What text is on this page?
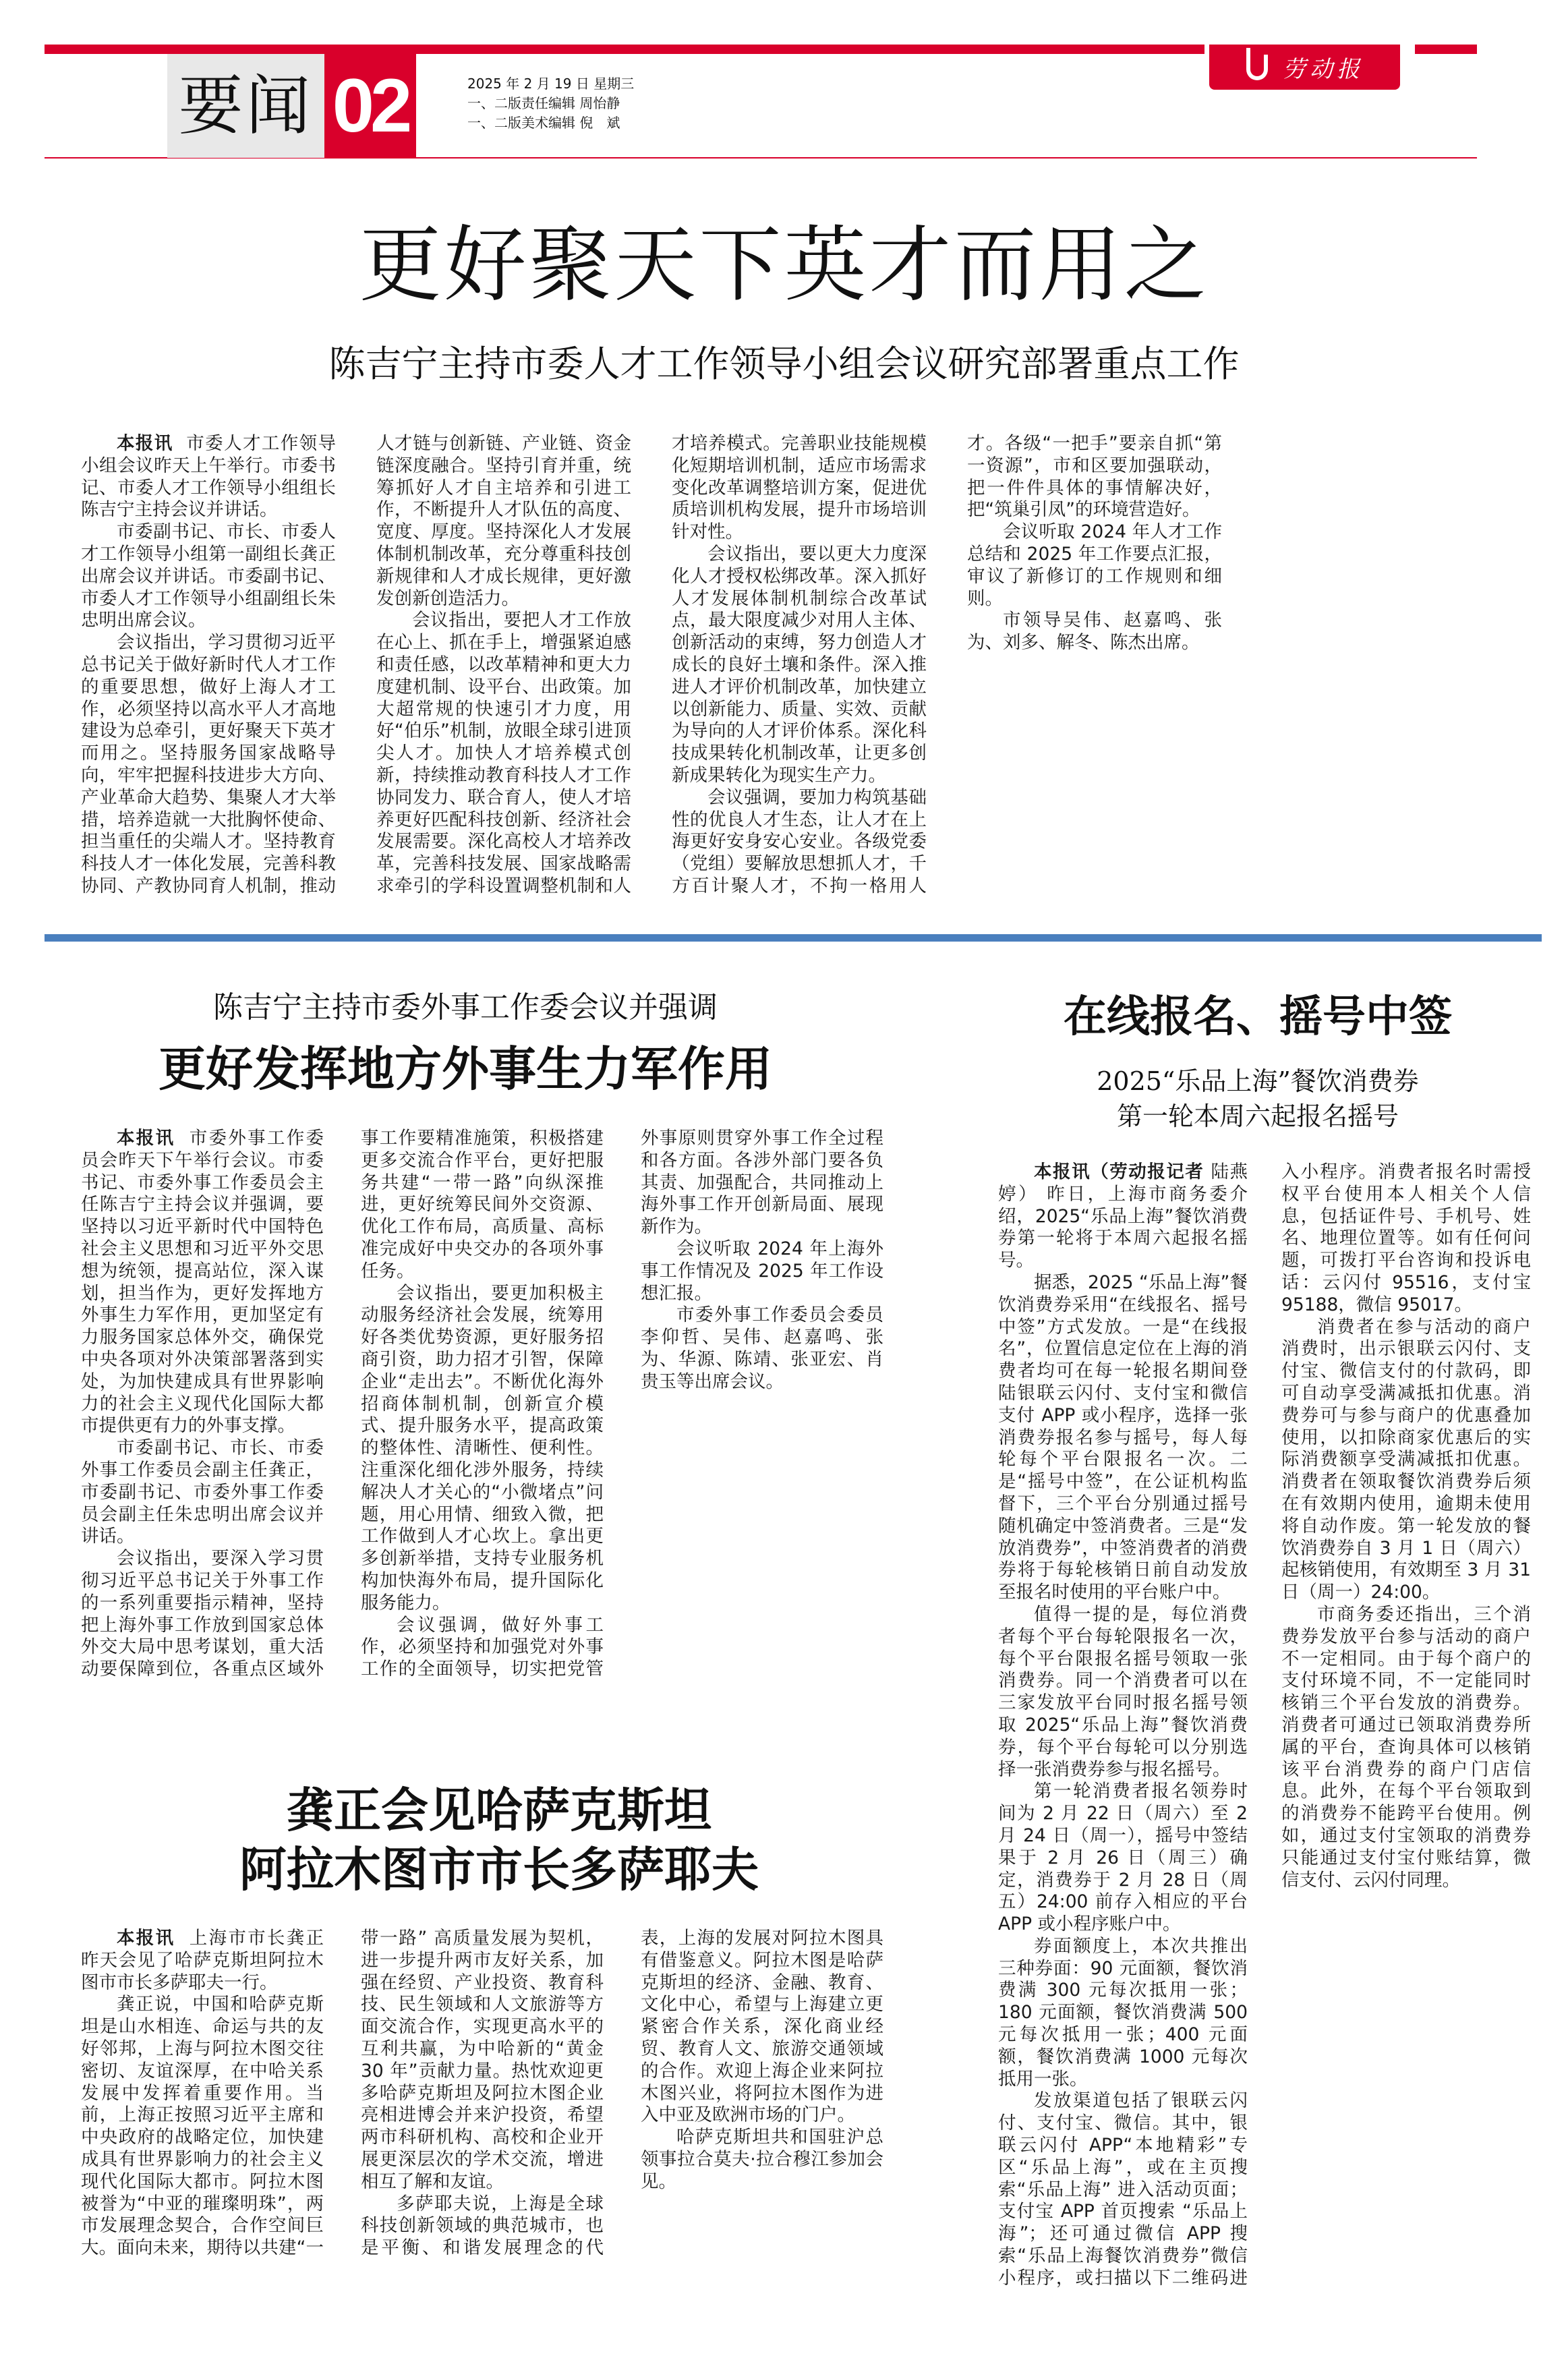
要闻 02	2025 年 2 月 19 日 星期三
一、二版责任编辑 周怡静
一、二版美术编辑 倪　斌
劳动报
更好聚天下英才而用之
陈吉宁主持市委人才工作领导小组会议研究部署重点工作

本报讯 市委人才工作领导小组会议昨天上午举行。市委书记、市委人才工作领导小组组长陈吉宁主持会议并讲话。

市委副书记、市长、市委人才工作领导小组第一副组长龚正出席会议并讲话。市委副书记、市委人才工作领导小组副组长朱忠明出席会议。

会议指出，学习贯彻习近平总书记关于做好新时代人才工作的重要思想，做好上海人才工作，必须坚持以高水平人才高地建设为总牵引，更好聚天下英才而用之。坚持服务国家战略导向，牢牢把握科技进步大方向、产业革命大趋势、集聚人才大举措，培养造就一大批胸怀使命、担当重任的尖端人才。坚持教育科技人才一体化发展，完善科教协同、产教协同育人机制，推动人才链与创新链、产业链、资金链深度融合。坚持引育并重，统筹抓好人才自主培养和引进工作，不断提升人才队伍的高度、宽度、厚度。坚持深化人才发展体制机制改革，充分尊重科技创新规律和人才成长规律，更好激发创新创造活力。

会议指出，要把人才工作放在心上、抓在手上，增强紧迫感和责任感，以改革精神和更大力度建机制、设平台、出政策。加大超常规的快速引才力度，用好“伯乐”机制，放眼全球引进顶尖人才。加快人才培养模式创新，持续推动教育科技人才工作协同发力、联合育人，使人才培养更好匹配科技创新、经济社会发展需要。深化高校人才培养改革，完善科技发展、国家战略需求牵引的学科设置调整机制和人才培养模式。完善职业技能规模化短期培训机制，适应市场需求变化改革调整培训方案，促进优质培训机构发展，提升市场培训针对性。

会议指出，要以更大力度深化人才授权松绑改革。深入抓好人才发展体制机制综合改革试点，最大限度减少对用人主体、创新活动的束缚，努力创造人才成长的良好土壤和条件。深入推进人才评价机制改革，加快建立以创新能力、质量、实效、贡献为导向的人才评价体系。深化科技成果转化机制改革，让更多创新成果转化为现实生产力。

会议强调，要加力构筑基础性的优良人才生态，让人才在上海更好安身安心安业。各级党委（党组）要解放思想抓人才，千方百计聚人才，不拘一格用人才。各级“一把手”要亲自抓“第一资源”，市和区要加强联动，把一件件具体的事情解决好，把“筑巢引凤”的环境营造好。

会议听取 2024 年人才工作总结和 2025 年工作要点汇报，审议了新修订的工作规则和细则。

市领导吴伟、赵嘉鸣、张为、刘多、解冬、陈杰出席。

陈吉宁主持市委外事工作委会议并强调
更好发挥地方外事生力军作用

本报讯 市委外事工作委员会昨天下午举行会议。市委书记、市委外事工作委员会主任陈吉宁主持会议并强调，要坚持以习近平新时代中国特色社会主义思想和习近平外交思想为统领，提高站位，深入谋划，担当作为，更好发挥地方外事生力军作用，更加坚定有力服务国家总体外交，确保党中央各项对外决策部署落到实处，为加快建成具有世界影响力的社会主义现代化国际大都市提供更有力的外事支撑。

市委副书记、市长、市委外事工作委员会副主任龚正，市委副书记、市委外事工作委员会副主任朱忠明出席会议并讲话。

会议指出，要深入学习贯彻习近平总书记关于外事工作的一系列重要指示精神，坚持把上海外事工作放到国家总体外交大局中思考谋划，重大活动要保障到位，各重点区域外事工作要精准施策，积极搭建更多交流合作平台，更好把服务共建“一带一路”向纵深推进，更好统筹民间外交资源、优化工作布局，高质量、高标准完成好中央交办的各项外事任务。

会议指出，要更加积极主动服务经济社会发展，统筹用好各类优势资源，更好服务招商引资，助力招才引智，保障企业“走出去”。不断优化海外招商体制机制，创新宣介模式、提升服务水平，提高政策的整体性、清晰性、便利性。注重深化细化涉外服务，持续解决人才关心的“小微堵点”问题，用心用情、细致入微，把工作做到人才心坎上。拿出更多创新举措，支持专业服务机构加快海外布局，提升国际化服务能力。

会议强调，做好外事工作，必须坚持和加强党对外事工作的全面领导，切实把党管外事原则贯穿外事工作全过程和各方面。各涉外部门要各负其责、加强配合，共同推动上海外事工作开创新局面、展现新作为。

会议听取 2024 年上海外事工作情况及 2025 年工作设想汇报。

市委外事工作委员会委员李仰哲、吴伟、赵嘉鸣、张为、华源、陈靖、张亚宏、肖贵玉等出席会议。

龚正会见哈萨克斯坦
阿拉木图市市长多萨耶夫

本报讯 上海市市长龚正昨天会见了哈萨克斯坦阿拉木图市市长多萨耶夫一行。

龚正说，中国和哈萨克斯坦是山水相连、命运与共的友好邻邦，上海与阿拉木图交往密切、友谊深厚，在中哈关系发展中发挥着重要作用。当前，上海正按照习近平主席和中央政府的战略定位，加快建成具有世界影响力的社会主义现代化国际大都市。阿拉木图被誉为“中亚的璀璨明珠”，两市发展理念契合，合作空间巨大。面向未来，期待以共建“一带一路” 高质量发展为契机，进一步提升两市友好关系，加强在经贸、产业投资、教育科技、民生领域和人文旅游等方面交流合作，实现更高水平的互利共赢，为中哈新的“黄金 30 年”贡献力量。热忱欢迎更多哈萨克斯坦及阿拉木图企业亮相进博会并来沪投资，希望两市科研机构、高校和企业开展更深层次的学术交流，增进相互了解和友谊。

多萨耶夫说，上海是全球科技创新领域的典范城市，也是平衡、和谐发展理念的代表，上海的发展对阿拉木图具有借鉴意义。阿拉木图是哈萨克斯坦的经济、金融、教育、文化中心，希望与上海建立更紧密合作关系，深化商业经贸、教育人文、旅游交通领域的合作。欢迎上海企业来阿拉木图兴业，将阿拉木图作为进入中亚及欧洲市场的门户。

哈萨克斯坦共和国驻沪总领事拉合莫夫·拉合穆江参加会见。

在线报名、摇号中签
2025“乐品上海”餐饮消费券
第一轮本周六起报名摇号

本报讯（劳动报记者 陆燕婷） 昨日，上海市商务委介绍，2025“乐品上海”餐饮消费券第一轮将于本周六起报名摇号。

据悉，2025 “乐品上海”餐饮消费券采用“在线报名、摇号中签”方式发放。一是“在线报名”，位置信息定位在上海的消费者均可在每一轮报名期间登陆银联云闪付、支付宝和微信支付 APP 或小程序，选择一张消费券报名参与摇号，每人每轮每个平台限报名一次。二是“摇号中签”，在公证机构监督下，三个平台分别通过摇号随机确定中签消费者。三是“发放消费券”，中签消费者的消费券将于每轮核销日前自动发放至报名时使用的平台账户中。

值得一提的是，每位消费者每个平台每轮限报名一次，每个平台限报名摇号领取一张消费券。同一个消费者可以在三家发放平台同时报名摇号领取 2025“乐品上海”餐饮消费券，每个平台每轮可以分别选择一张消费券参与报名摇号。

第一轮消费者报名领券时间为 2 月 22 日（周六）至 2 月 24 日（周一），摇号中签结果于 2 月 26 日（周三）确定，消费券于 2 月 28 日（周五）24:00 前存入相应的平台 APP 或小程序账户中。

券面额度上，本次共推出三种券面：90 元面额，餐饮消费满 300 元每次抵用一张；180 元面额，餐饮消费满 500 元每次抵用一张；400 元面额，餐饮消费满 1000 元每次抵用一张。

发放渠道包括了银联云闪付、支付宝、微信。其中，银联云闪付 APP“本地精彩”专区“乐品上海”，或在主页搜索“乐品上海” 进入活动页面；支付宝 APP 首页搜索 “乐品上海”；还可通过微信 APP 搜索“乐品上海餐饮消费券”微信小程序，或扫描以下二维码进入小程序。消费者报名时需授权平台使用本人相关个人信息，包括证件号、手机号、姓名、地理位置等。如有任何问题，可拨打平台咨询和投诉电话：云闪付 95516，支付宝 95188，微信 95017。

消费者在参与活动的商户消费时，出示银联云闪付、支付宝、微信支付的付款码，即可自动享受满减抵扣优惠。消费券可与参与商户的优惠叠加使用，以扣除商家优惠后的实际消费额享受满减抵扣优惠。消费者在领取餐饮消费券后须在有效期内使用，逾期未使用将自动作废。第一轮发放的餐饮消费券自 3 月 1 日（周六）起核销使用，有效期至 3 月 31 日（周一）24:00。

市商务委还指出，三个消费券发放平台参与活动的商户不一定相同。由于每个商户的支付环境不同，不一定能同时核销三个平台发放的消费券。消费者可通过已领取消费券所属的平台，查询具体可以核销该平台消费券的商户门店信息。此外，在每个平台领取到的消费券不能跨平台使用。例如，通过支付宝领取的消费券只能通过支付宝付账结算，微信支付、云闪付同理。
